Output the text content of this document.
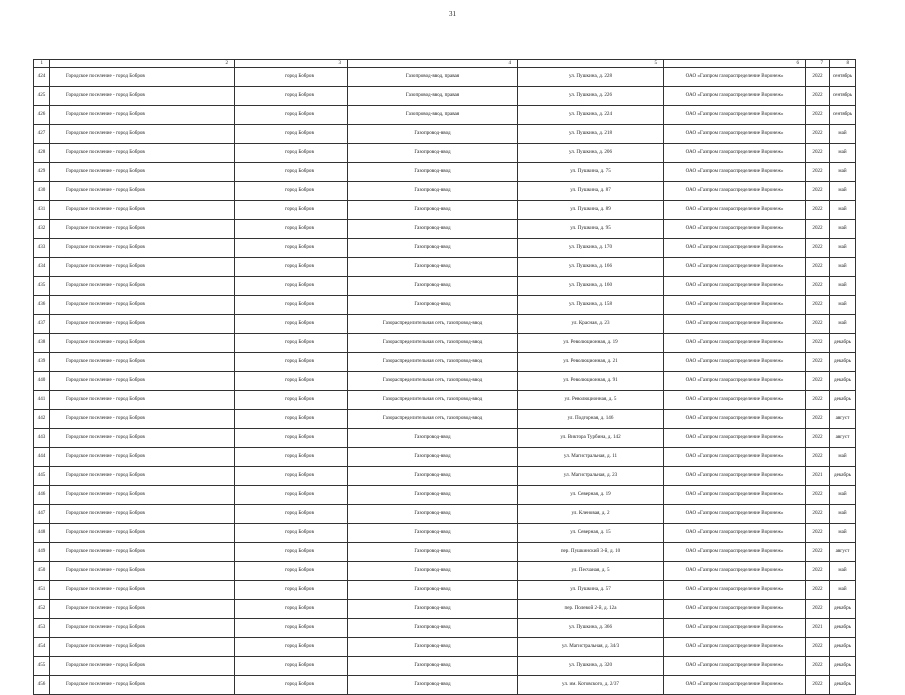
31
1	2	3	4	5	6	7	8
424	Городское поселение - город Бобров	город Бобров	Газопровод-ввод, правая	ул. Пушкина, д. 228	ОАО «Газпром газораспределение Воронеж»	2022	сентябрь
425	Городское поселение - город Бобров	город Бобров	Газопровод-ввод, правая	ул. Пушкина, д. 226	ОАО «Газпром газораспределение Воронеж»	2022	сентябрь
426	Городское поселение - город Бобров	город Бобров	Газопровод-ввод, правая	ул. Пушкина, д. 224	ОАО «Газпром газораспределение Воронеж»	2022	сентябрь
427	Городское поселение - город Бобров	город Бобров	Газопровод-ввод	ул. Пушкина, д. 218	ОАО «Газпром газораспределение Воронеж»	2022	май
428	Городское поселение - город Бобров	город Бобров	Газопровод-ввод	ул. Пушкина, д. 206	ОАО «Газпром газораспределение Воронеж»	2022	май
429	Городское поселение - город Бобров	город Бобров	Газопровод-ввод	ул. Пушкина, д. 75	ОАО «Газпром газораспределение Воронеж»	2022	май
430	Городское поселение - город Бобров	город Бобров	Газопровод-ввод	ул. Пушкина, д. 87	ОАО «Газпром газораспределение Воронеж»	2022	май
431	Городское поселение - город Бобров	город Бобров	Газопровод-ввод	ул. Пушкина, д. 89	ОАО «Газпром газораспределение Воронеж»	2022	май
432	Городское поселение - город Бобров	город Бобров	Газопровод-ввод	ул. Пушкина, д. 95	ОАО «Газпром газораспределение Воронеж»	2022	май
433	Городское поселение - город Бобров	город Бобров	Газопровод-ввод	ул. Пушкина, д. 170	ОАО «Газпром газораспределение Воронеж»	2022	май
434	Городское поселение - город Бобров	город Бобров	Газопровод-ввод	ул. Пушкина, д. 166	ОАО «Газпром газораспределение Воронеж»	2022	май
435	Городское поселение - город Бобров	город Бобров	Газопровод-ввод	ул. Пушкина, д. 160	ОАО «Газпром газораспределение Воронеж»	2022	май
436	Городское поселение - город Бобров	город Бобров	Газопровод-ввод	ул. Пушкина, д. 158	ОАО «Газпром газораспределение Воронеж»	2022	май
437	Городское поселение - город Бобров	город Бобров	Газораспределительная сеть, газопровод-ввод	ул. Красная, д. 23	ОАО «Газпром газораспределение Воронеж»	2022	май
438	Городское поселение - город Бобров	город Бобров	Газораспределительная сеть, газопровод-ввод	ул. Революционная, д. 19	ОАО «Газпром газораспределение Воронеж»	2022	декабрь
439	Городское поселение - город Бобров	город Бобров	Газораспределительная сеть, газопровод-ввод	ул. Революционная, д. 21	ОАО «Газпром газораспределение Воронеж»	2022	декабрь
440	Городское поселение - город Бобров	город Бобров	Газораспределительная сеть, газопровод-ввод	ул. Революционная, д. 91	ОАО «Газпром газораспределение Воронеж»	2022	декабрь
441	Городское поселение - город Бобров	город Бобров	Газораспределительная сеть, газопровод-ввод	ул. Революционная, д. 5	ОАО «Газпром газораспределение Воронеж»	2022	декабрь
442	Городское поселение - город Бобров	город Бобров	Газораспределительная сеть, газопровод-ввод	ул. Подгорная, д. 146	ОАО «Газпром газораспределение Воронеж»	2022	август
443	Городское поселение - город Бобров	город Бобров	Газопровод-ввод	ул. Виктора Турбина, д. 142	ОАО «Газпром газораспределение Воронеж»	2022	август
444	Городское поселение - город Бобров	город Бобров	Газопровод-ввод	ул. Магистральная, д. 11	ОАО «Газпром газораспределение Воронеж»	2022	май
445	Городское поселение - город Бобров	город Бобров	Газопровод-ввод	ул. Магистральная, д. 23	ОАО «Газпром газораспределение Воронеж»	2021	декабрь
446	Городское поселение - город Бобров	город Бобров	Газопровод-ввод	ул. Северная, д. 19	ОАО «Газпром газораспределение Воронеж»	2022	май
447	Городское поселение - город Бобров	город Бобров	Газопровод-ввод	ул. Кленовая, д. 2	ОАО «Газпром газораспределение Воронеж»	2022	май
448	Городское поселение - город Бобров	город Бобров	Газопровод-ввод	ул. Северная, д. 15	ОАО «Газпром газораспределение Воронеж»	2022	май
449	Городское поселение - город Бобров	город Бобров	Газопровод-ввод	пер. Пушкинский 3-й, д. 10	ОАО «Газпром газораспределение Воронеж»	2022	август
450	Городское поселение - город Бобров	город Бобров	Газопровод-ввод	ул. Песчаная, д. 5	ОАО «Газпром газораспределение Воронеж»	2022	май
451	Городское поселение - город Бобров	город Бобров	Газопровод-ввод	ул. Пушкина, д. 57	ОАО «Газпром газораспределение Воронеж»	2022	май
452	Городское поселение - город Бобров	город Бобров	Газопровод-ввод	пер. Полевой 2-й, д. 12а	ОАО «Газпром газораспределение Воронеж»	2022	декабрь
453	Городское поселение - город Бобров	город Бобров	Газопровод-ввод	ул. Пушкина, д. 366	ОАО «Газпром газораспределение Воронеж»	2021	декабрь
454	Городское поселение - город Бобров	город Бобров	Газопровод-ввод	ул. Магистральная, д. 34/3	ОАО «Газпром газораспределение Воронеж»	2022	декабрь
455	Городское поселение - город Бобров	город Бобров	Газопровод-ввод	ул. Пушкина, д. 320	ОАО «Газпром газораспределение Воронеж»	2022	декабрь
456	Городское поселение - город Бобров	город Бобров	Газопровод-ввод	ул. им. Котовского, д. 2/37	ОАО «Газпром газораспределение Воронеж»	2022	декабрь
